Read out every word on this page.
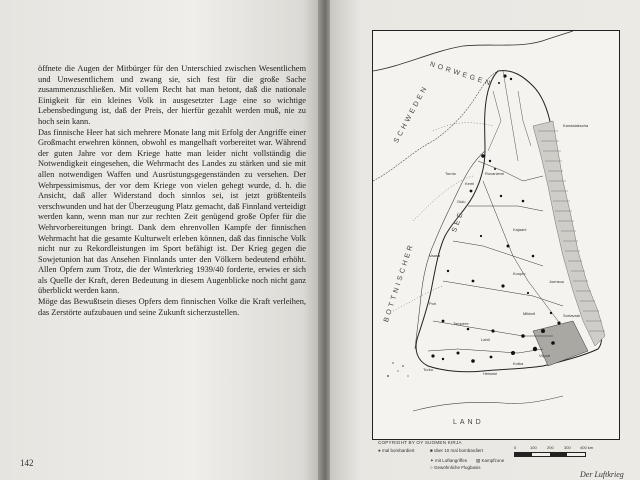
öffnete die Augen der Mitbürger für den Unterschied zwischen Wesentlichem und Unwesentlichem und zwang sie, sich fest für die große Sache zusammenzuschließen. Mit vollem Recht hat man betont, daß die nationale Einigkeit für ein kleines Volk in ausgesetzter Lage eine so wichtige Lebensbedingung ist, daß der Preis, der hierfür gezahlt werden muß, nie zu hoch sein kann.

Das finnische Heer hat sich mehrere Monate lang mit Erfolg der Angriffe einer Großmacht erwehren können, obwohl es mangelhaft vorbereitet war. Während der guten Jahre vor dem Kriege hatte man leider nicht vollständig die Notwendigkeit eingesehen, die Wehrmacht des Landes zu stärken und sie mit allen notwendigen Waffen und Ausrüstungsgegenständen zu versehen. Der Wehrpessimismus, der vor dem Kriege von vielen gehegt wurde, d. h. die Ansicht, daß aller Widerstand doch sinnlos sei, ist jetzt größtenteils verschwunden und hat der Überzeugung Platz gemacht, daß Finnland verteidigt werden kann, wenn man nur zur rechten Zeit genügend große Opfer für die Wehrvorbereitungen bringt. Dank dem ehrenvollen Kampfe der finnischen Wehrmacht hat die gesamte Kulturwelt erleben können, daß das finnische Volk nicht nur zu Rekordleistungen im Sport befähigt ist. Der Krieg gegen die Sowjetunion hat das Ansehen Finnlands unter den Völkern bedeutend erhöht. Allen Opfern zum Trotz, die der Winterkrieg 1939/40 forderte, erwies er sich als Quelle der Kraft, deren Bedeutung in diesem Augenblicke noch nicht ganz überblickt werden kann.

Möge das Bewußtsein dieses Opfers dem finnischen Volke die Kraft verleihen, das Zerstörte aufzubauen und seine Zukunft sicherzustellen.

142
NORWEGEN
SCHWEDEN
BOTTNISCHER
SEE
LAND
Kandalakscha
Rovaniemi
Oulu
Kemi
Tornio
Kajaani
Kuopio
Vaasa
Tampere
Turku
Helsinki
Viipuri
Pori
Joensuu
Sortavala
Lahti
Kotka
Mikkeli
COPYRIGHT BY OY SUOMEN KIRJA
● mal bombardiert	■ über 10 mal bombardiert
▧ Kampfzone
✦ mit Luftangriffen
○ Gewöhnliche Flugbasis
0	100	200	300 400 km
Der Luftkrieg
